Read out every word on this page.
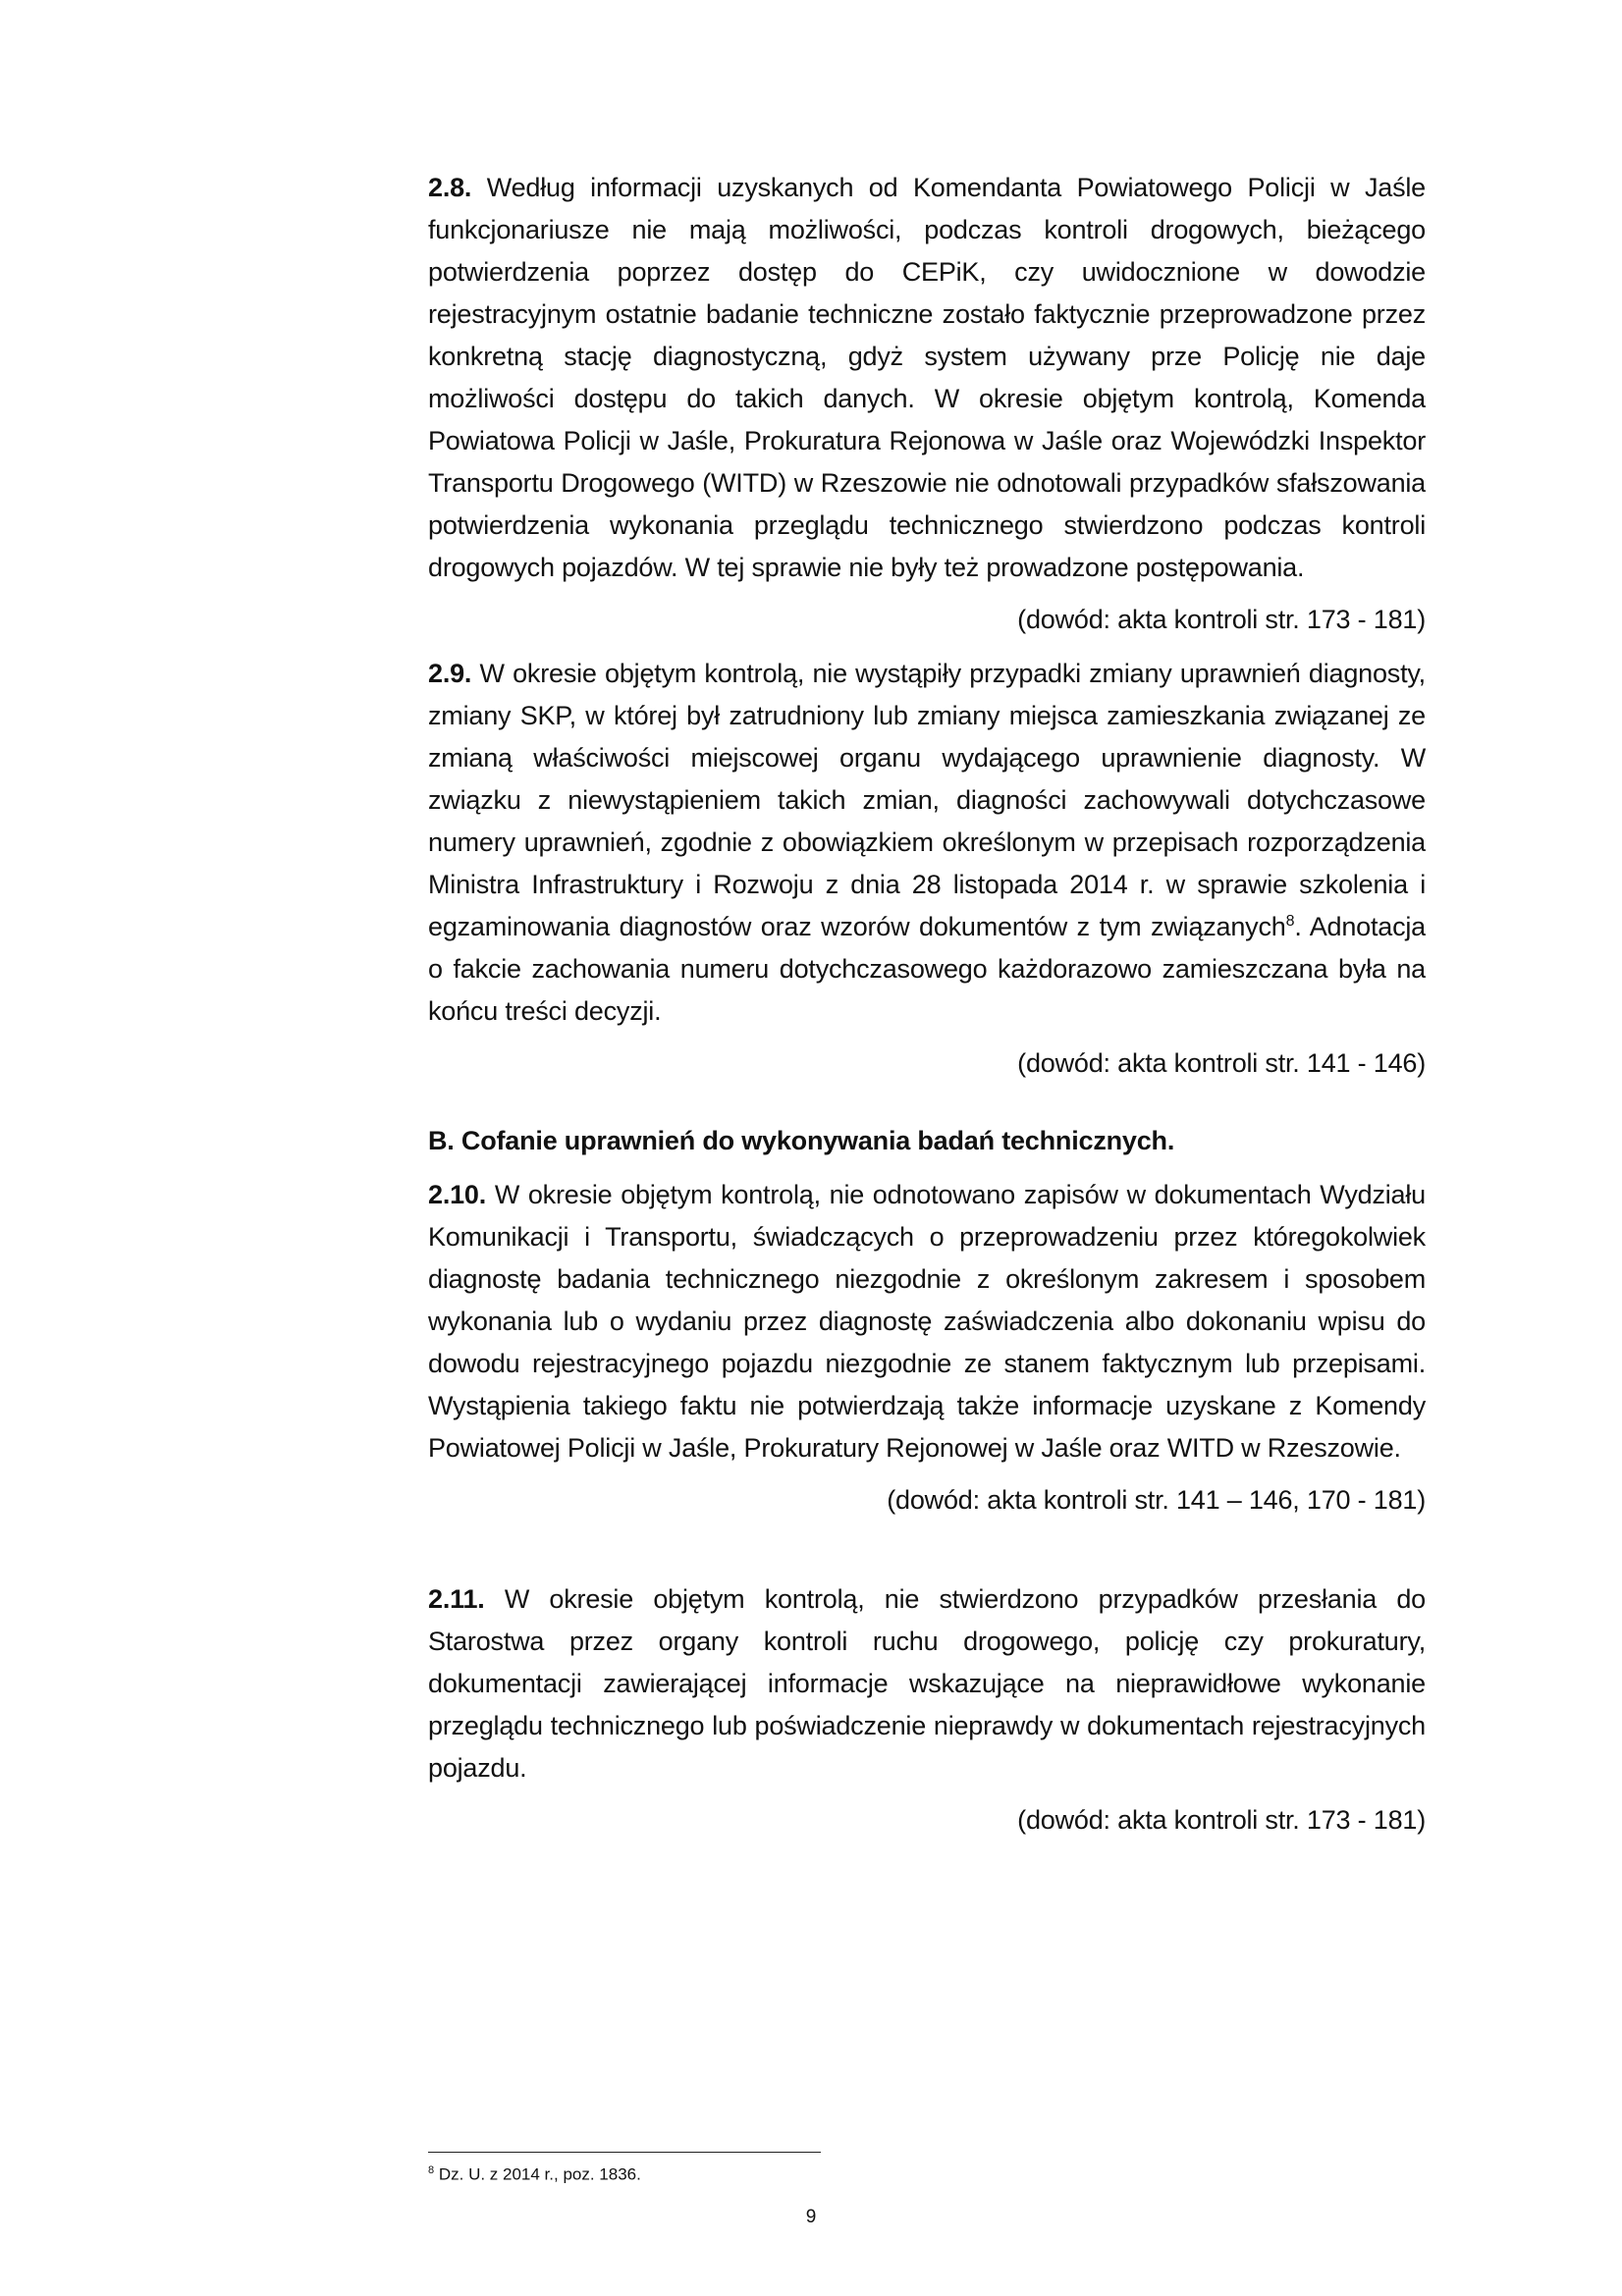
2.8. Według informacji uzyskanych od Komendanta Powiatowego Policji w Jaśle funkcjonariusze nie mają możliwości, podczas kontroli drogowych, bieżącego potwierdzenia poprzez dostęp do CEPiK, czy uwidocznione w dowodzie rejestracyjnym ostatnie badanie techniczne zostało faktycznie przeprowadzone przez konkretną stację diagnostyczną, gdyż system używany prze Policję nie daje możliwości dostępu do takich danych. W okresie objętym kontrolą, Komenda Powiatowa Policji w Jaśle, Prokuratura Rejonowa w Jaśle oraz Wojewódzki Inspektor Transportu Drogowego (WITD) w Rzeszowie nie odnotowali przypadków sfałszowania potwierdzenia wykonania przeglądu technicznego stwierdzono podczas kontroli drogowych pojazdów. W tej sprawie nie były też prowadzone postępowania.

(dowód: akta kontroli str. 173 - 181)

2.9. W okresie objętym kontrolą, nie wystąpiły przypadki zmiany uprawnień diagnosty, zmiany SKP, w której był zatrudniony lub zmiany miejsca zamieszkania związanej ze zmianą właściwości miejscowej organu wydającego uprawnienie diagnosty. W związku z niewystąpieniem takich zmian, diagności zachowywali dotychczasowe numery uprawnień, zgodnie z obowiązkiem określonym w przepisach rozporządzenia Ministra Infrastruktury i Rozwoju z dnia 28 listopada 2014 r. w sprawie szkolenia i egzaminowania diagnostów oraz wzorów dokumentów z tym związanych$^8$. Adnotacja o fakcie zachowania numeru dotychczasowego każdorazowo zamieszczana była na końcu treści decyzji.

(dowód: akta kontroli str. 141 - 146)

B. Cofanie uprawnień do wykonywania badań technicznych.

2.10. W okresie objętym kontrolą, nie odnotowano zapisów w dokumentach Wydziału Komunikacji i Transportu, świadczących o przeprowadzeniu przez któregokolwiek diagnostę badania technicznego niezgodnie z określonym zakresem i sposobem wykonania lub o wydaniu przez diagnostę zaświadczenia albo dokonaniu wpisu do dowodu rejestracyjnego pojazdu niezgodnie ze stanem faktycznym lub przepisami. Wystąpienia takiego faktu nie potwierdzają także informacje uzyskane z Komendy Powiatowej Policji w Jaśle, Prokuratury Rejonowej w Jaśle oraz WITD w Rzeszowie.

(dowód: akta kontroli str. 141 – 146, 170 - 181)

2.11. W okresie objętym kontrolą, nie stwierdzono przypadków przesłania do Starostwa przez organy kontroli ruchu drogowego, policję czy prokuratury, dokumentacji zawierającej informacje wskazujące na nieprawidłowe wykonanie przeglądu technicznego lub poświadczenie nieprawdy w dokumentach rejestracyjnych pojazdu.

(dowód: akta kontroli str. 173 - 181)

$^8$ Dz. U. z 2014 r., poz. 1836.
9
